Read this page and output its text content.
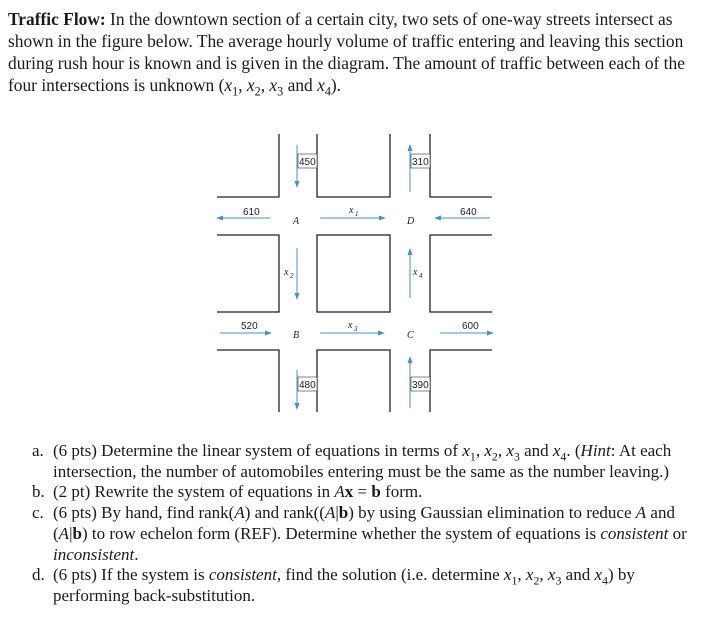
Traffic Flow: In the downtown section of a certain city, two sets of one-way streets intersect as shown in the figure below. The average hourly volume of traffic entering and leaving this section during rush hour is known and is given in the diagram. The amount of traffic between each of the four intersections is unknown ($x_1$, $x_2$, $x_3$ and $x_4$).
450	310
480	390
610	640
520	600
A
B	C
D
x 1
x 2
x 3
x 4
a. (6 pts) Determine the linear system of equations in terms of $x_1$, $x_2$, $x_3$ and $x_4$. (Hint: At each intersection, the number of automobiles entering must be the same as the number leaving.)
b. (2 pt) Rewrite the system of equations in Ax = b form.
c. (6 pts) By hand, find rank(A) and rank((A|b) by using Gaussian elimination to reduce A and (A|b) to row echelon form (REF). Determine whether the system of equations is consistent or inconsistent.
d. (6 pts) If the system is consistent, find the solution (i.e. determine $x_1$, $x_2$, $x_3$ and $x_4$) by performing back-substitution.
